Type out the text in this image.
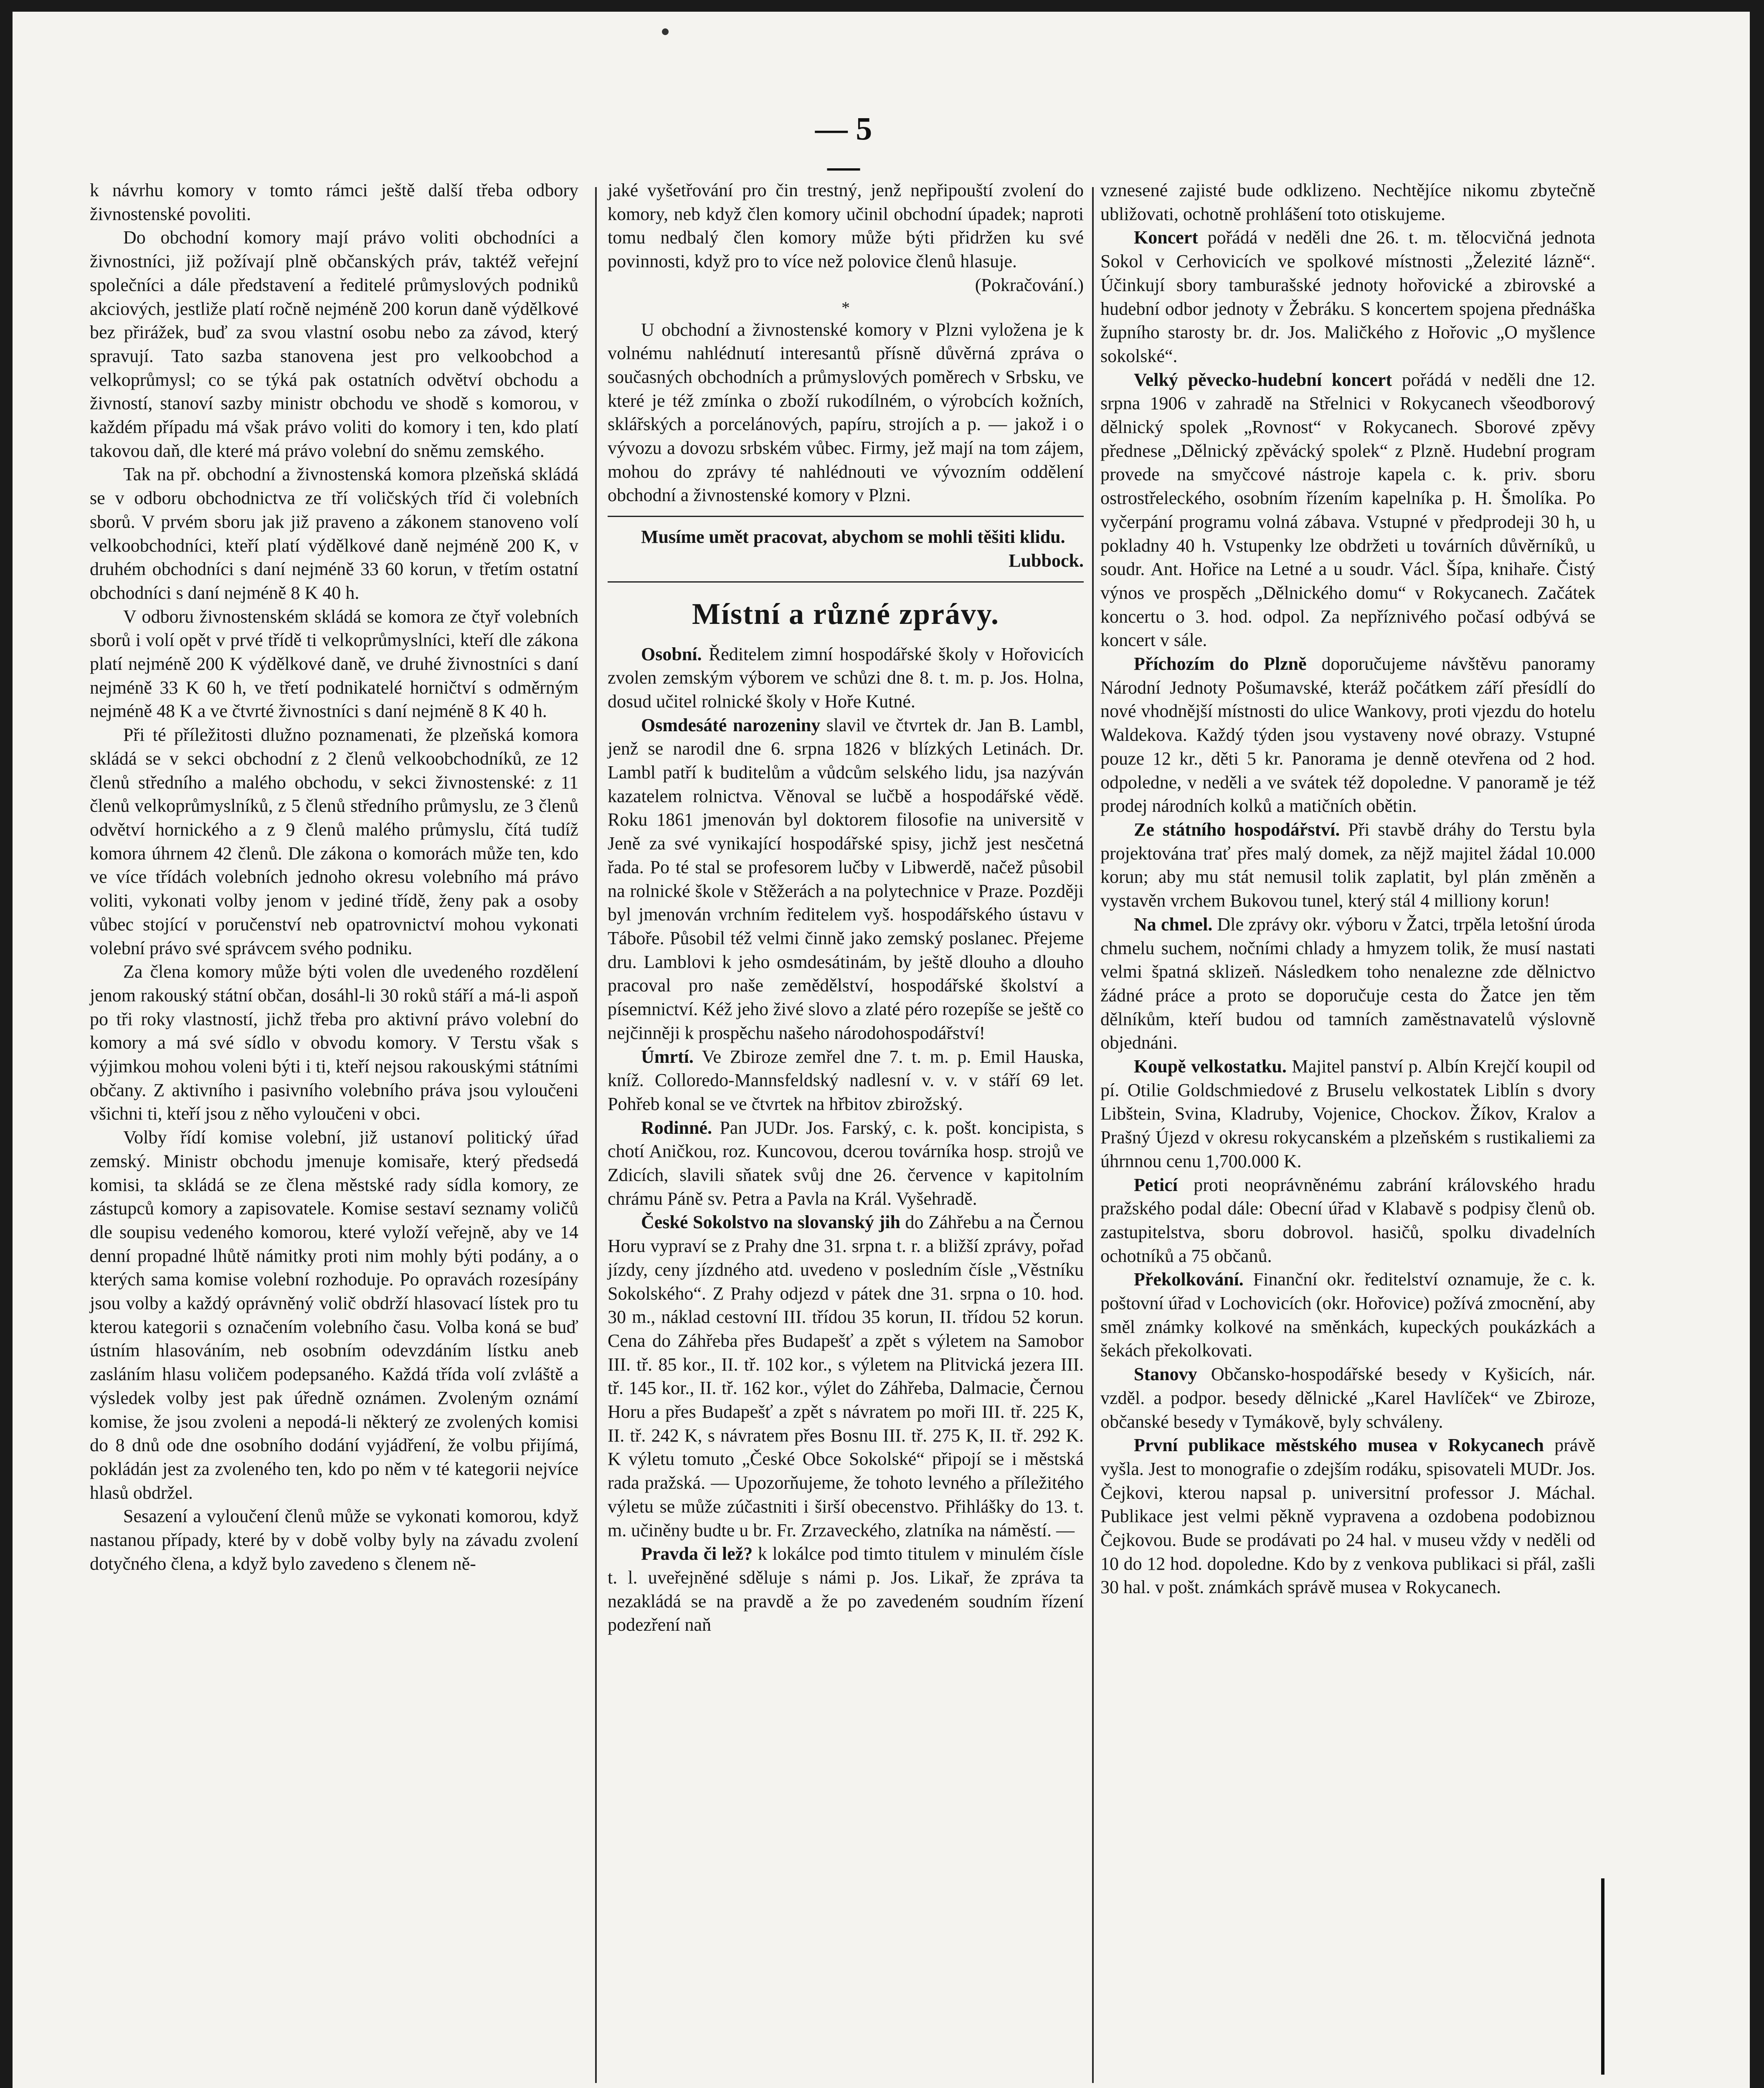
— 5 —

k návrhu komory v tomto rámci ještě další třeba odbory živnostenské povoliti.

Do obchodní komory mají právo voliti obchodníci a živnostníci, již požívají plně občanských práv, taktéž veřejní společníci a dále představení a ředitelé průmyslových podniků akciových, jestliže platí ročně nejméně 200 korun daně výdělkové bez přirážek, buď za svou vlastní osobu nebo za závod, který spravují. Tato sazba stanovena jest pro velkoobchod a velkoprůmysl; co se týká pak ostatních odvětví obchodu a živností, stanoví sazby ministr obchodu ve shodě s komorou, v každém případu má však právo voliti do komory i ten, kdo platí takovou daň, dle které má právo volební do sněmu zemského.

Tak na př. obchodní a živnostenská komora plzeňská skládá se v odboru obchodnictva ze tří voličských tříd či volebních sborů. V prvém sboru jak již praveno a zákonem stanoveno volí velkoobchodníci, kteří platí výdělkové daně nejméně 200 K, v druhém obchodníci s daní nejméně 33 60 korun, v třetím ostatní obchodníci s daní nejméně 8 K 40 h.

V odboru živnostenském skládá se komora ze čtyř volebních sborů i volí opět v prvé třídě ti velkoprůmyslníci, kteří dle zákona platí nejméně 200 K výdělkové daně, ve druhé živnostníci s daní nejméně 33 K 60 h, ve třetí podnikatelé horničtví s odměrným nejméně 48 K a ve čtvrté živnostníci s daní nejméně 8 K 40 h.

Při té příležitosti dlužno poznamenati, že plzeňská komora skládá se v sekci obchodní z 2 členů velkoobchodníků, ze 12 členů středního a malého obchodu, v sekci živnostenské: z 11 členů velkoprůmyslníků, z 5 členů středního průmyslu, ze 3 členů odvětví hornického a z 9 členů malého průmyslu, čítá tudíž komora úhrnem 42 členů. Dle zákona o komorách může ten, kdo ve více třídách volebních jednoho okresu volebního má právo voliti, vykonati volby jenom v jediné třídě, ženy pak a osoby vůbec stojící v poručenství neb opatrovnictví mohou vykonati volební právo své správcem svého podniku.

Za člena komory může býti volen dle uvedeného rozdělení jenom rakouský státní občan, dosáhl-li 30 roků stáří a má-li aspoň po tři roky vlastností, jichž třeba pro aktivní právo volební do komory a má své sídlo v obvodu komory. V Terstu však s výjimkou mohou voleni býti i ti, kteří nejsou rakouskými státními občany. Z aktivního i pasivního volebního práva jsou vyloučeni všichni ti, kteří jsou z něho vyloučeni v obci.

Volby řídí komise volební, již ustanoví politický úřad zemský. Ministr obchodu jmenuje komisaře, který předsedá komisi, ta skládá se ze člena městské rady sídla komory, ze zástupců komory a zapisovatele. Komise sestaví seznamy voličů dle soupisu vedeného komorou, které vyloží veřejně, aby ve 14 denní propadné lhůtě námitky proti nim mohly býti podány, a o kterých sama komise volební rozhoduje. Po opravách rozesípány jsou volby a každý oprávněný volič obdrží hlasovací lístek pro tu kterou kategorii s označením volebního času. Volba koná se buď ústním hlasováním, neb osobním odevzdáním lístku aneb zasláním hlasu voličem podepsaného. Každá třída volí zvláště a výsledek volby jest pak úředně oznámen. Zvoleným oznámí komise, že jsou zvoleni a nepodá-li některý ze zvolených komisi do 8 dnů ode dne osobního dodání vyjádření, že volbu přijímá, pokládán jest za zvoleného ten, kdo po něm v té kategorii nejvíce hlasů obdržel.

Sesazení a vyloučení členů může se vykonati komorou, když nastanou případy, které by v době volby byly na závadu zvolení dotyčného člena, a když bylo zavedeno s členem ně-

jaké vyšetřování pro čin trestný, jenž nepřipouští zvolení do komory, neb když člen komory učinil obchodní úpadek; naproti tomu nedbalý člen komory může býti přidržen ku své povinnosti, když pro to více než polovice členů hlasuje.

(Pokračování.)

*

U obchodní a živnostenské komory v Plzni vyložena je k volnému nahlédnutí interesantů přísně důvěrná zpráva o současných obchodních a průmyslových poměrech v Srbsku, ve které je též zmínka o zboží rukodílném, o výrobcích kožních, sklářských a porcelánových, papíru, strojích a p. — jakož i o vývozu a dovozu srbském vůbec. Firmy, jež mají na tom zájem, mohou do zprávy té nahlédnouti ve vývozním oddělení obchodní a živnostenské komory v Plzni.

Musíme umět pracovat, abychom se mohli těšiti klidu.
Lubbock.

Místní a různé zprávy.

Osobní. Ředitelem zimní hospodářské školy v Hořovicích zvolen zemským výborem ve schůzi dne 8. t. m. p. Jos. Holna, dosud učitel rolnické školy v Hoře Kutné.

Osmdesáté narozeniny slavil ve čtvrtek dr. Jan B. Lambl, jenž se narodil dne 6. srpna 1826 v blízkých Letinách. Dr. Lambl patří k buditelům a vůdcům selského lidu, jsa nazýván kazatelem rolnictva. Věnoval se lučbě a hospodářské vědě. Roku 1861 jmenován byl doktorem filosofie na universitě v Jeně za své vynikající hospodářské spisy, jichž jest nesčetná řada. Po té stal se profesorem lučby v Libwerdě, načež působil na rolnické škole v Stěžerách a na polytechnice v Praze. Později byl jmenován vrchním ředitelem vyš. hospodářského ústavu v Táboře. Působil též velmi činně jako zemský poslanec. Přejeme dru. Lamblovi k jeho osmdesátinám, by ještě dlouho a dlouho pracoval pro naše zemědělství, hospodářské školství a písemnictví. Kéž jeho živé slovo a zlaté péro rozepíše se ještě co nejčinněji k prospěchu našeho národohospodářství!

Úmrtí. Ve Zbiroze zemřel dne 7. t. m. p. Emil Hauska, kníž. Colloredo-Mannsfeldský nadlesní v. v. v stáří 69 let. Pohřeb konal se ve čtvrtek na hřbitov zbirožský.

Rodinné. Pan JUDr. Jos. Farský, c. k. pošt. koncipista, s chotí Aničkou, roz. Kuncovou, dcerou továrníka hosp. strojů ve Zdicích, slavili sňatek svůj dne 26. července v kapitolním chrámu Páně sv. Petra a Pavla na Král. Vyšehradě.

České Sokolstvo na slovanský jih do Záhřebu a na Černou Horu vypraví se z Prahy dne 31. srpna t. r. a bližší zprávy, pořad jízdy, ceny jízdného atd. uvedeno v posledním čísle „Věstníku Sokolského“. Z Prahy odjezd v pátek dne 31. srpna o 10. hod. 30 m., náklad cestovní III. třídou 35 korun, II. třídou 52 korun. Cena do Záhřeba přes Budapešť a zpět s výletem na Samobor III. tř. 85 kor., II. tř. 102 kor., s výletem na Plitvická jezera III. tř. 145 kor., II. tř. 162 kor., výlet do Záhřeba, Dalmacie, Černou Horu a přes Budapešť a zpět s návratem po moři III. tř. 225 K, II. tř. 242 K, s návratem přes Bosnu III. tř. 275 K, II. tř. 292 K. K výletu tomuto „České Obce Sokolské“ připojí se i městská rada pražská. — Upozorňujeme, že tohoto levného a příležitého výletu se může zúčastniti i širší obecenstvo. Přihlášky do 13. t. m. učiněny budte u br. Fr. Zrzaveckého, zlatníka na náměstí. —

Pravda či lež? k lokálce pod timto titulem v minulém čísle t. l. uveřejněné sděluje s námi p. Jos. Likař, že zpráva ta nezakládá se na pravdě a že po zavedeném soudním řízení podezření naň

vznesené zajisté bude odklizeno. Nechtějíce nikomu zbytečně ubližovati, ochotně prohlášení toto otiskujeme.

Koncert pořádá v neděli dne 26. t. m. tělocvičná jednota Sokol v Cerhovicích ve spolkové místnosti „Železité lázně“. Účinkují sbory tamburašské jednoty hořovické a zbirovské a hudební odbor jednoty v Žebráku. S koncertem spojena přednáška župního starosty br. dr. Jos. Maličkého z Hořovic „O myšlence sokolské“.

Velký pěvecko-hudební koncert pořádá v neděli dne 12. srpna 1906 v zahradě na Střelnici v Rokycanech všeodborový dělnický spolek „Rovnost“ v Rokycanech. Sborové zpěvy přednese „Dělnický zpěvácký spolek“ z Plzně. Hudební program provede na smyčcové nástroje kapela c. k. priv. sboru ostrostřeleckého, osobním řízením kapelníka p. H. Šmolíka. Po vyčerpání programu volná zábava. Vstupné v předprodeji 30 h, u pokladny 40 h. Vstupenky lze obdržeti u továrních důvěrníků, u soudr. Ant. Hořice na Letné a u soudr. Václ. Šípa, knihaře. Čistý výnos ve prospěch „Dělnického domu“ v Rokycanech. Začátek koncertu o 3. hod. odpol. Za nepříznivého počasí odbývá se koncert v sále.

Příchozím do Plzně doporučujeme návštěvu panoramy Národní Jednoty Pošumavské, kteráž počátkem září přesídlí do nové vhodnější místnosti do ulice Wankovy, proti vjezdu do hotelu Waldekova. Každý týden jsou vystaveny nové obrazy. Vstupné pouze 12 kr., děti 5 kr. Panorama je denně otevřena od 2 hod. odpoledne, v neděli a ve svátek též dopoledne. V panoramě je též prodej národních kolků a matičních obětin.

Ze státního hospodářství. Při stavbě dráhy do Terstu byla projektována trať přes malý domek, za nějž majitel žádal 10.000 korun; aby mu stát nemusil tolik zaplatit, byl plán změněn a vystavěn vrchem Bukovou tunel, který stál 4 milliony korun!

Na chmel. Dle zprávy okr. výboru v Žatci, trpěla letošní úroda chmelu suchem, nočními chlady a hmyzem tolik, že musí nastati velmi špatná sklizeň. Následkem toho nenalezne zde dělnictvo žádné práce a proto se doporučuje cesta do Žatce jen těm dělníkům, kteří budou od tamních zaměstnavatelů výslovně objednáni.

Koupě velkostatku. Majitel panství p. Albín Krejčí koupil od pí. Otilie Goldschmiedové z Bruselu velkostatek Liblín s dvory Libštein, Svina, Kladruby, Vojenice, Chockov. Žíkov, Kralov a Prašný Újezd v okresu rokycanském a plzeňském s rustikaliemi za úhrnnou cenu 1,700.000 K.

Peticí proti neoprávněnému zabrání královského hradu pražského podal dále: Obecní úřad v Klabavě s podpisy členů ob. zastupitelstva, sboru dobrovol. hasičů, spolku divadelních ochotníků a 75 občanů.

Překolkování. Finanční okr. ředitelství oznamuje, že c. k. poštovní úřad v Lochovicích (okr. Hořovice) požívá zmocnění, aby směl známky kolkové na směnkách, kupeckých poukázkách a šekách překolkovati.

Stanovy Občansko-hospodářské besedy v Kyšicích, nár. vzděl. a podpor. besedy dělnické „Karel Havlíček“ ve Zbiroze, občanské besedy v Tymákově, byly schváleny.

První publikace městského musea v Rokycanech právě vyšla. Jest to monografie o zdejším rodáku, spisovateli MUDr. Jos. Čejkovi, kterou napsal p. universitní professor J. Máchal. Publikace jest velmi pěkně vypravena a ozdobena podobiznou Čejkovou. Bude se prodávati po 24 hal. v museu vždy v neděli od 10 do 12 hod. dopoledne. Kdo by z venkova publikaci si přál, zašli 30 hal. v pošt. známkách správě musea v Rokycanech.
